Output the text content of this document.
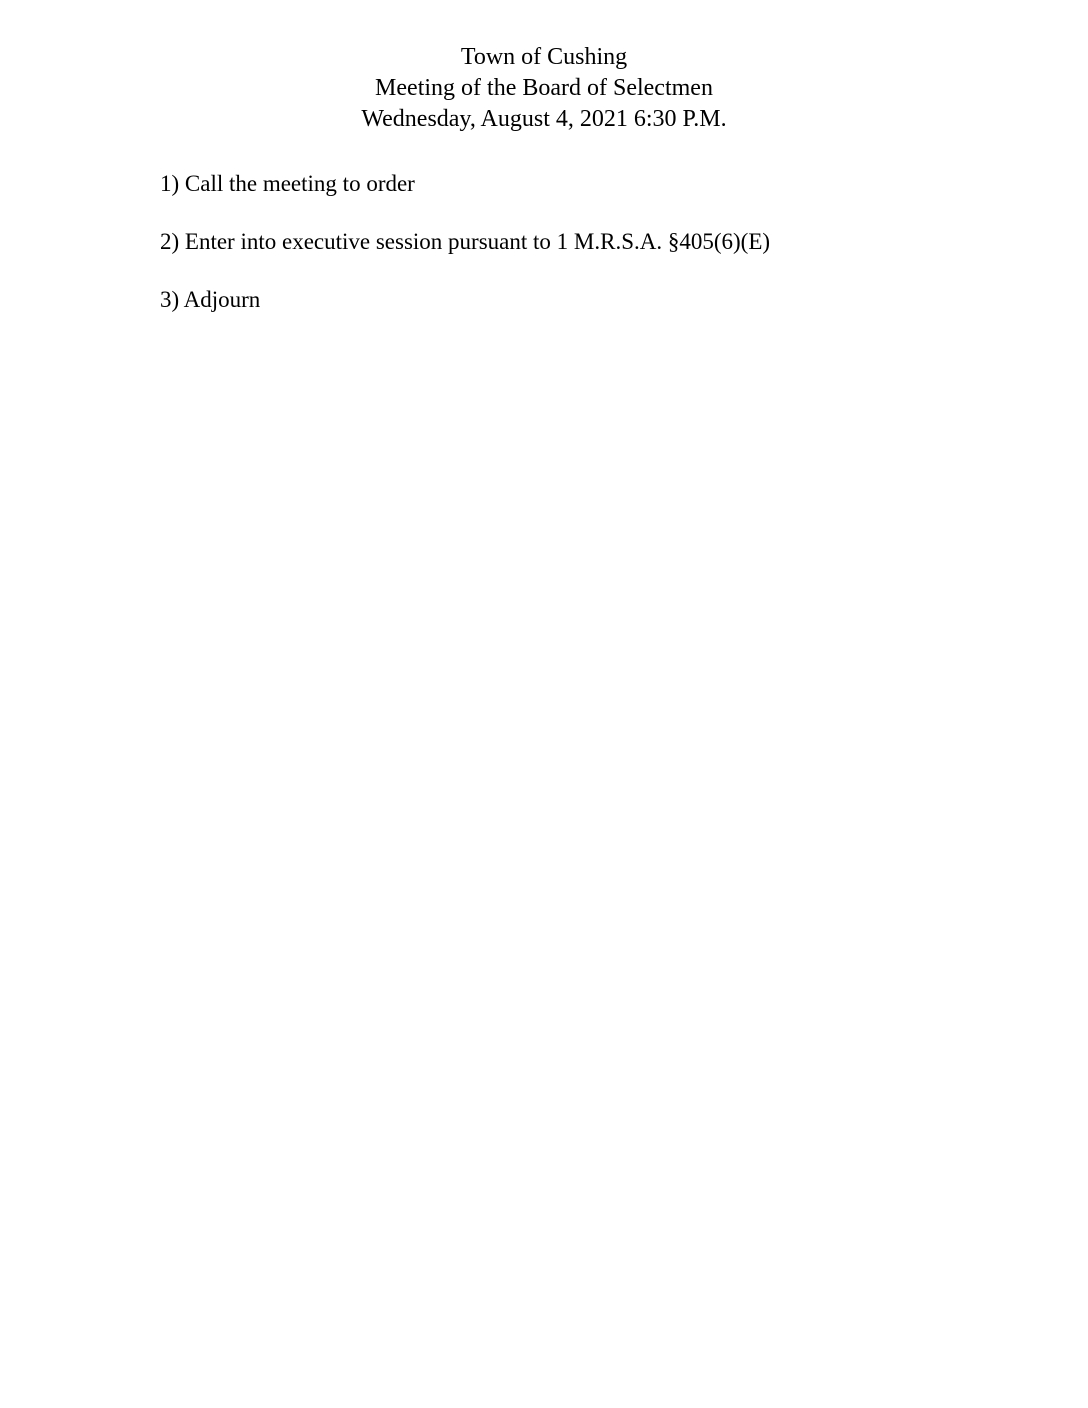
Town of Cushing
Meeting of the Board of Selectmen
Wednesday, August 4, 2021 6:30 P.M.
1) Call the meeting to order
2) Enter into executive session pursuant to 1 M.R.S.A. §405(6)(E)
3) Adjourn
